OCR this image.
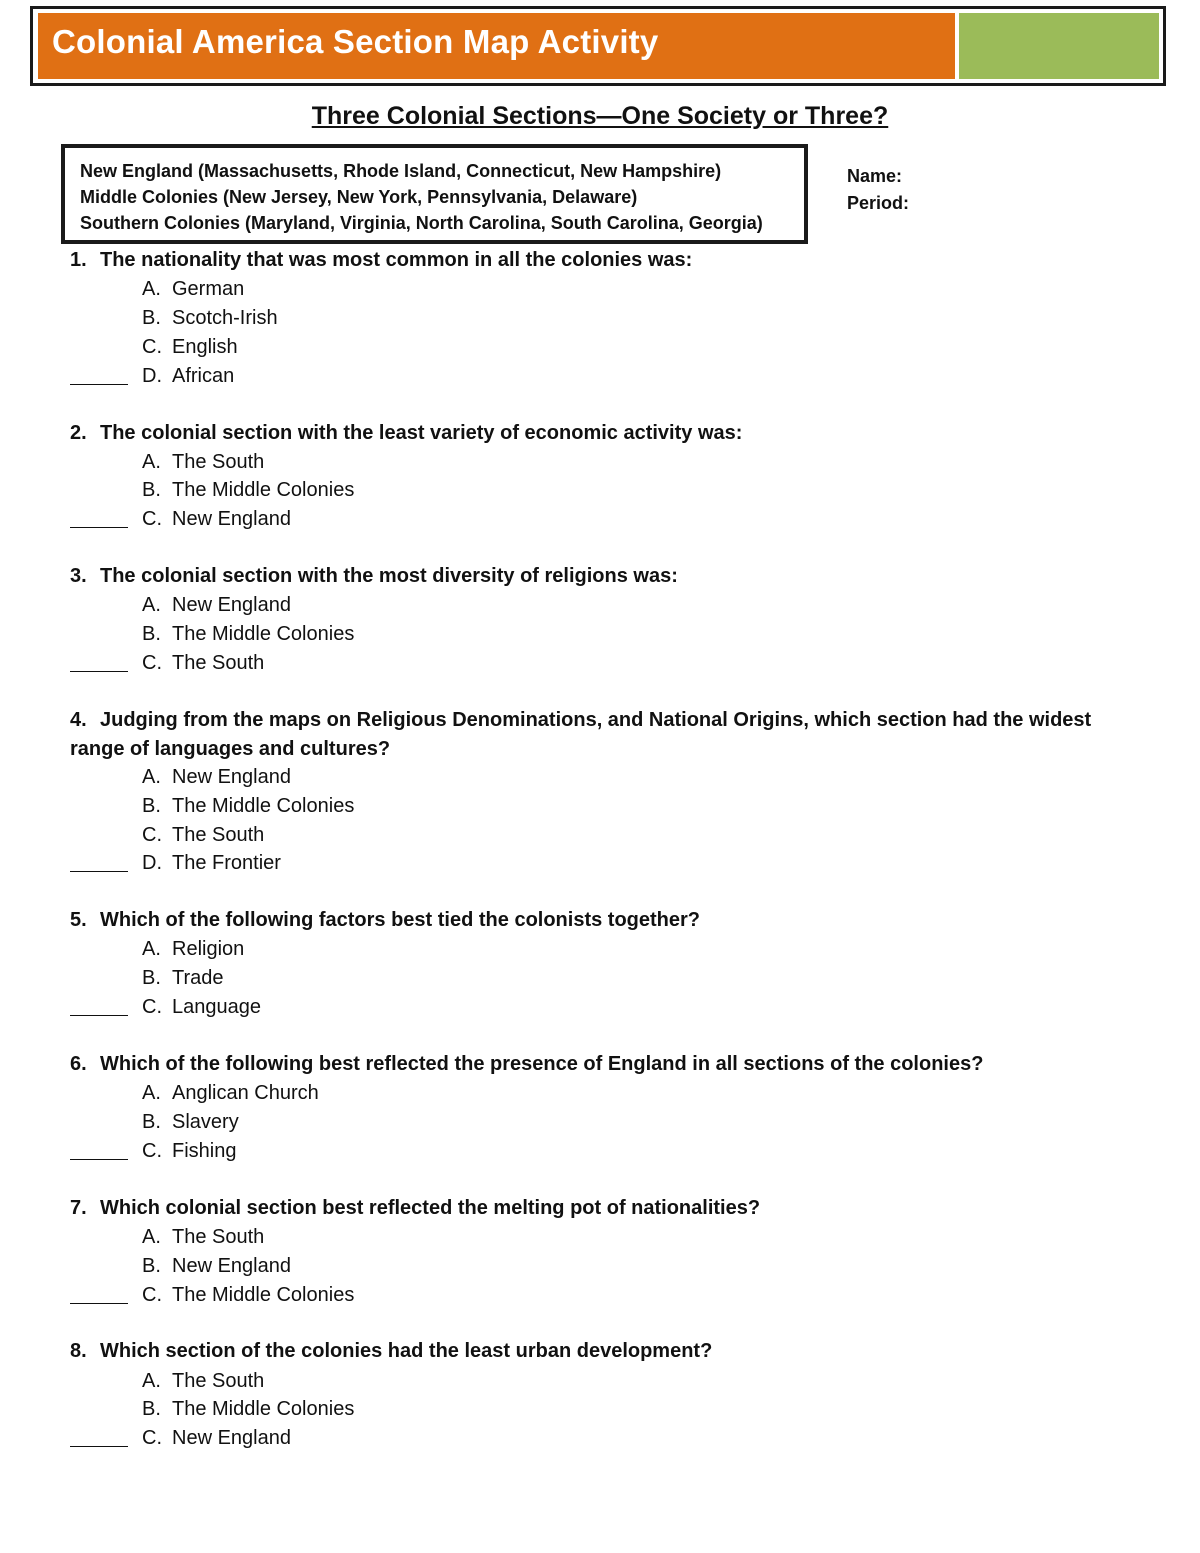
Colonial America Section Map Activity
Three Colonial Sections—One Society or Three?
New England (Massachusetts, Rhode Island, Connecticut, New Hampshire)
Middle Colonies (New Jersey, New York, Pennsylvania, Delaware)
Southern Colonies (Maryland, Virginia, North Carolina, South Carolina, Georgia)
Name:
Period:
1. The nationality that was most common in all the colonies was:
A. German
B. Scotch-Irish
C. English
D. African
2. The colonial section with the least variety of economic activity was:
A. The South
B. The Middle Colonies
C. New England
3. The colonial section with the most diversity of religions was:
A. New England
B. The Middle Colonies
C. The South
4. Judging from the maps on Religious Denominations, and National Origins, which section had the widest range of languages and cultures?
A. New England
B. The Middle Colonies
C. The South
D. The Frontier
5. Which of the following factors best tied the colonists together?
A. Religion
B. Trade
C. Language
6. Which of the following best reflected the presence of England in all sections of the colonies?
A. Anglican Church
B. Slavery
C. Fishing
7. Which colonial section best reflected the melting pot of nationalities?
A. The South
B. New England
C. The Middle Colonies
8. Which section of the colonies had the least urban development?
A. The South
B. The Middle Colonies
C. New England
